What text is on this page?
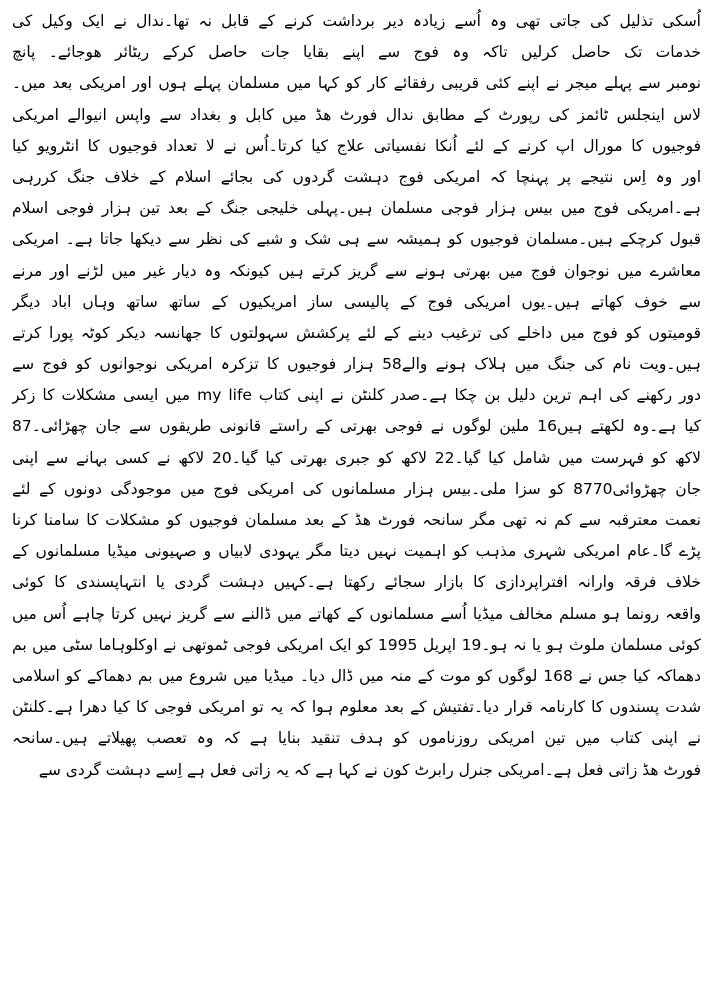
اُسکی تذلیل کی جاتی تھی وہ اُسے زیادہ دیر برداشت کرنے کے قابل نہ تھا۔ندال نے ایک وکیل کی
خدمات تک حاصل کرلیں تاکہ وہ فوج سے اپنے بقایا جات حاصل کرکے ریٹائر ھوجائے۔ پانچ
نومبر سے پہلے میجر نے اپنے کئی قریبی رفقائے کار کو کہا میں مسلمان پہلے ہوں اور امریکی بعد میں۔
لاس اینجلس ٹائمز کی رپورٹ کے مطابق ندال فورٹ ھڈ میں کابل و بغداد سے واپس انیوالے امریکی
فوجیوں کا مورال اپ کرنے کے لئے اُنکا نفسیاتی علاج کیا کرتا۔اُس نے لا تعداد فوجیوں کا انٹرویو کیا
اور وہ اِس نتیجے پر پہنچا کہ امریکی فوج دہشت گردوں کی بجائے اسلام کے خلاف جنگ کررہی
ہے۔امریکی فوج میں بیس ہزار فوجی مسلمان ہیں۔پہلی خلیجی جنگ کے بعد تین ہزار فوجی اسلام
قبول کرچکے ہیں۔مسلمان فوجیوں کو ہمیشہ سے ہی شک و شبے کی نظر سے دیکھا جاتا ہے۔ امریکی
معاشرے میں نوجوان فوج میں بھرتی ہونے سے گریز کرتے ہیں کیونکہ وہ دیار غیر میں لڑنے اور مرنے
سے خوف کھاتے ہیں۔یوں امریکی فوج کے پالیسی ساز امریکیوں کے ساتھ ساتھ وہاں اباد دیگر
قومیتوں کو فوج میں داخلے کی ترغیب دینے کے لئے پرکشش سہولتوں کا جھانسہ دیکر کوٹہ پورا کرتے
ہیں۔ویت نام کی جنگ میں ہلاک ہونے والے58 ہزار فوجیوں کا تزکرہ امریکی نوجوانوں کو فوج سے
دور رکھنے کی اہم ترین دلیل بن چکا ہے۔صدر کلنٹن نے اپنی کتاب my life میں ایسی مشکلات کا زکر
کیا ہے۔وہ لکھتے ہیں16 ملین لوگوں نے فوجی بھرتی کے راستے قانونی طریقوں سے جان چھڑائی۔87
لاکھ کو فہرست میں شامل کیا گیا۔22 لاکھ کو جبری بھرتی کیا گیا۔20 لاکھ نے کسی بہانے سے اپنی
جان چھڑوائی8770 کو سزا ملی۔بیس ہزار مسلمانوں کی امریکی فوج میں موجودگی دونوں کے لئے
نعمت معترقبہ سے کم نہ تھی مگر سانحہ فورٹ ھڈ کے بعد مسلمان فوجیوں کو مشکلات کا سامنا کرنا
پڑے گا۔عام امریکی شہری مذہب کو اہمیت نہیں دیتا مگر یہودی لابیاں و صہیونی میڈیا مسلمانوں کے
خلاف فرقہ وارانہ افتراپردازی کا بازار سجائے رکھتا ہے۔کہیں دہشت گردی یا انتہاپسندی کا کوئی
واقعہ رونما ہو مسلم مخالف میڈیا اُسے مسلمانوں کے کھاتے میں ڈالنے سے گریز نہیں کرتا چاہے اُس میں
کوئی مسلمان ملوث ہو یا نہ ہو۔19 اپریل 1995 کو ایک امریکی فوجی ٹموتھی نے اوکلوہاما سٹی میں بم
دھماکہ کیا جس نے 168 لوگوں کو موت کے منہ میں ڈال دیا۔ میڈیا میں شروع میں بم دھماکے کو اسلامی
شدت پسندوں کا کارنامہ قرار دیا۔تفتیش کے بعد معلوم ہوا کہ یہ تو امریکی فوجی کا کیا دھرا ہے۔کلنٹن
نے اپنی کتاب میں تین امریکی روزناموں کو ہدف تنقید بنایا ہے کہ وہ تعصب پھیلاتے ہیں۔سانحہ
فورٹ ھڈ زاتی فعل ہے۔امریکی جنرل رابرٹ کون نے کہا ہے کہ یہ زاتی فعل ہے اِسے دہشت گردی سے
